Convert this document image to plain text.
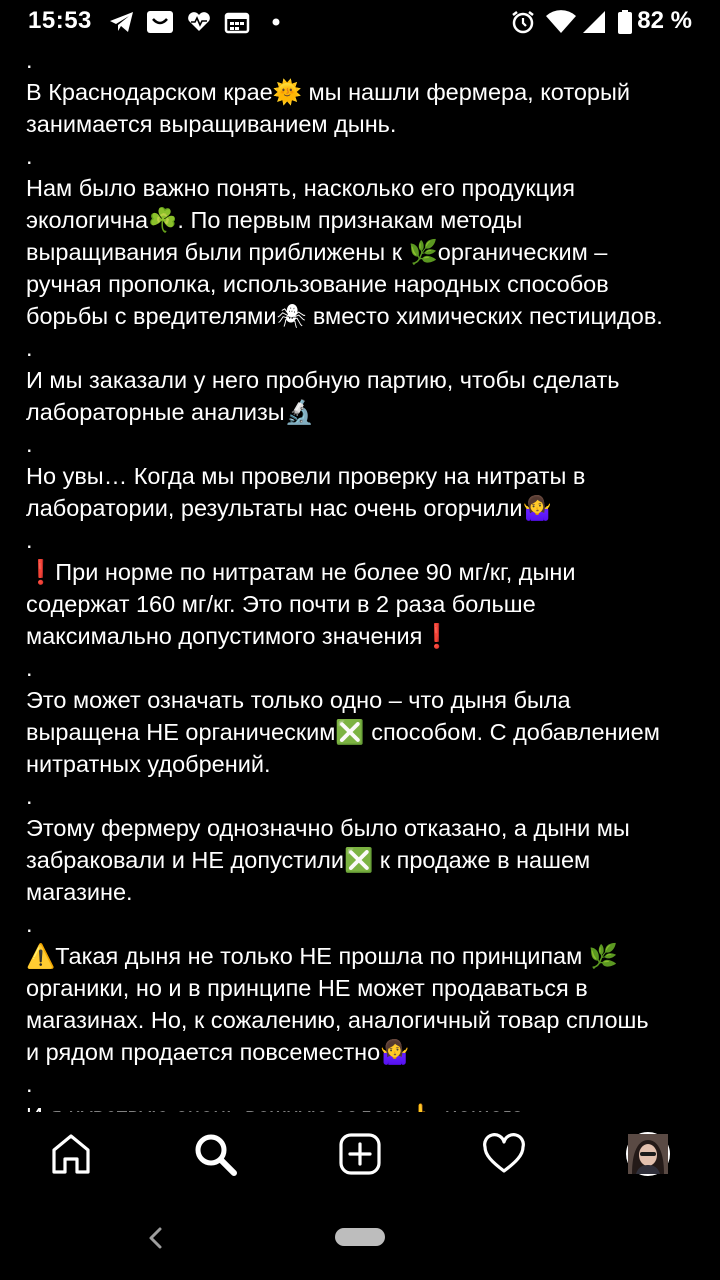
15:53	82 %
.
В Краснодарском крае🌞 мы нашли фермера, который
занимается выращиванием дынь.
.
Нам было важно понять, насколько его продукция
экологична☘️. По первым признакам методы
выращивания были приближены к 🌿органическим –
ручная прополка, использование народных способов
борьбы с вредителями🕷 вместо химических пестицидов.
.
И мы заказали у него пробную партию, чтобы сделать
лабораторные анализы🔬
.
Но увы… Когда мы провели проверку на нитраты в
лаборатории, результаты нас очень огорчили🤷‍♀️
.
❗При норме по нитратам не более 90 мг/кг, дыни
содержат 160 мг/кг. Это почти в 2 раза больше
максимально допустимого значения❗
.
Это может означать только одно – что дыня была
выращена НЕ органическим❎ способом. С добавлением
нитратных удобрений.
.
Этому фермеру однозначно было отказано, а дыни мы
забраковали и НЕ допустили❎ к продаже в нашем
магазине.
.
⚠️Такая дыня не только НЕ прошла по принципам 🌿
органики, но и в принципе НЕ может продаваться в
магазинах. Но, к сожалению, аналогичный товар сплошь
и рядом продается повсеместно🤷‍♀️
.
